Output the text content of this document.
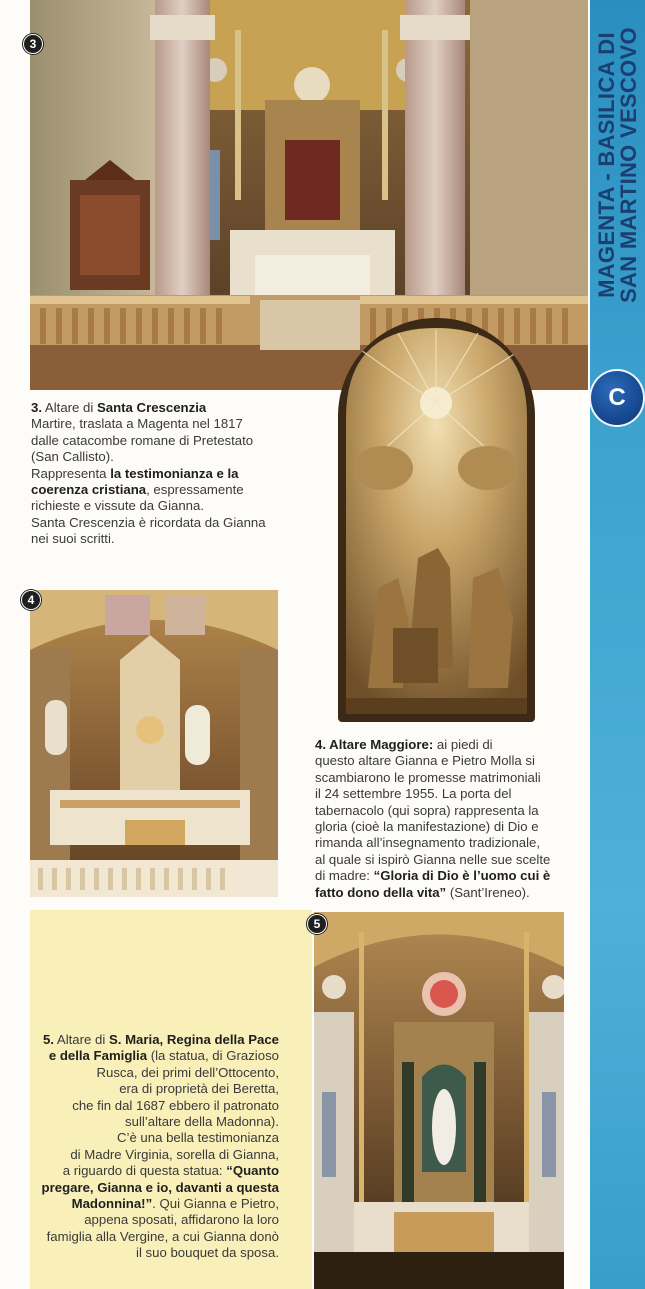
MAGENTA - BASILICA DI
SAN MARTINO VESCOVO
C
3
3. Altare di Santa Crescenzia
Martire, traslata a Magenta nel 1817
dalle catacombe romane di Pretestato
(San Callisto).
Rappresenta la testimonianza e la
coerenza cristiana, espressamente
richieste e vissute da Gianna.
Santa Crescenzia è ricordata da Gianna
nei suoi scritti.
4
4. Altare Maggiore: ai piedi di
questo altare Gianna e Pietro Molla si
scambiarono le promesse matrimoniali
il 24 settembre 1955. La porta del
tabernacolo (qui sopra) rappresenta la
gloria (cioè la manifestazione) di Dio e
rimanda all’insegnamento tradizionale,
al quale si ispirò Gianna nelle sue scelte
di madre: “Gloria di Dio è l’uomo cui è
fatto dono della vita” (Sant’Ireneo).
5. Altare di S. Maria, Regina della Pace
e della Famiglia (la statua, di Grazioso
Rusca, dei primi dell’Ottocento,
era di proprietà dei Beretta,
che fin dal 1687 ebbero il patronato
sull’altare della Madonna).
C’è una bella testimonianza
di Madre Virginia, sorella di Gianna,
a riguardo di questa statua: “Quanto
pregare, Gianna e io, davanti a questa
Madonnina!”. Qui Gianna e Pietro,
appena sposati, affidarono la loro
famiglia alla Vergine, a cui Gianna donò
il suo bouquet da sposa.
5
